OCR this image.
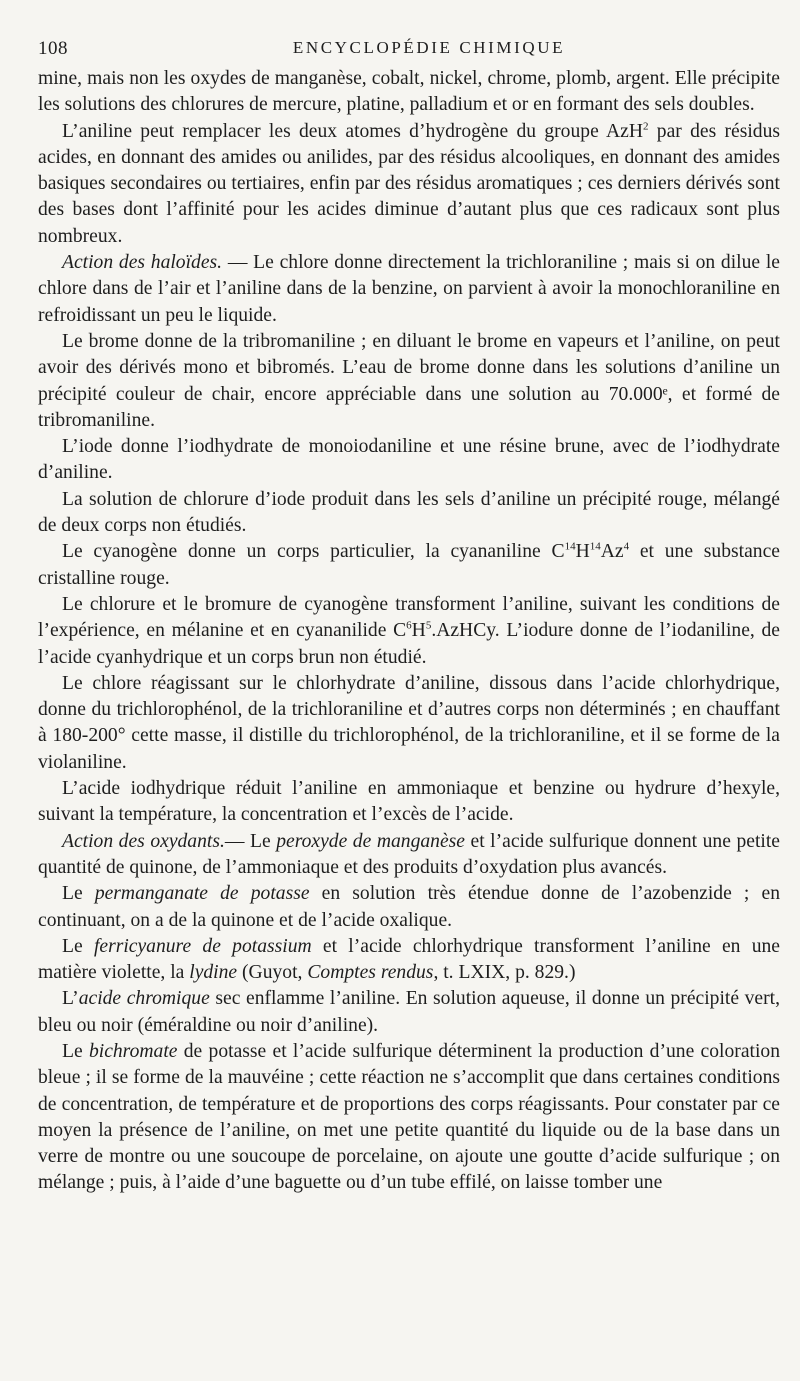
108	ENCYCLOPÉDIE CHIMIQUE

mine, mais non les oxydes de manganèse, cobalt, nickel, chrome, plomb, argent. Elle précipite les solutions des chlorures de mercure, platine, palladium et or en formant des sels doubles.

L’aniline peut remplacer les deux atomes d’hydrogène du groupe AzH$^2$ par des résidus acides, en donnant des amides ou anilides, par des résidus alcooliques, en donnant des amides basiques secondaires ou tertiaires, enfin par des résidus aromatiques ; ces derniers dérivés sont des bases dont l’affinité pour les acides diminue d’autant plus que ces radicaux sont plus nombreux.

Action des haloïdes. — Le chlore donne directement la trichloraniline ; mais si on dilue le chlore dans de l’air et l’aniline dans de la benzine, on parvient à avoir la monochloraniline en refroidissant un peu le liquide.

Le brome donne de la tribromaniline ; en diluant le brome en vapeurs et l’aniline, on peut avoir des dérivés mono et bibromés. L’eau de brome donne dans les solutions d’aniline un précipité couleur de chair, encore appréciable dans une solution au 70.000ᵉ, et formé de tribromaniline.

L’iode donne l’iodhydrate de monoiodaniline et une résine brune, avec de l’iodhydrate d’aniline.

La solution de chlorure d’iode produit dans les sels d’aniline un précipité rouge, mélangé de deux corps non étudiés.

Le cyanogène donne un corps particulier, la cyananiline $C^{14}H^{14}Az^4$ et une substance cristalline rouge.

Le chlorure et le bromure de cyanogène transforment l’aniline, suivant les conditions de l’expérience, en mélanine et en cyananilide $C^6H^5.AzHCy$. L’iodure donne de l’iodaniline, de l’acide cyanhydrique et un corps brun non étudié.

Le chlore réagissant sur le chlorhydrate d’aniline, dissous dans l’acide chlorhydrique, donne du trichlorophénol, de la trichloraniline et d’autres corps non déterminés ; en chauffant à 180-200° cette masse, il distille du trichlorophénol, de la trichloraniline, et il se forme de la violaniline.

L’acide iodhydrique réduit l’aniline en ammoniaque et benzine ou hydrure d’hexyle, suivant la température, la concentration et l’excès de l’acide.

Action des oxydants.— Le peroxyde de manganèse et l’acide sulfurique donnent une petite quantité de quinone, de l’ammoniaque et des produits d’oxydation plus avancés.

Le permanganate de potasse en solution très étendue donne de l’azobenzide ; en continuant, on a de la quinone et de l’acide oxalique.

Le ferricyanure de potassium et l’acide chlorhydrique transforment l’aniline en une matière violette, la lydine (Guyot, Comptes rendus, t. LXIX, p. 829.)

L’acide chromique sec enflamme l’aniline. En solution aqueuse, il donne un précipité vert, bleu ou noir (éméraldine ou noir d’aniline).

Le bichromate de potasse et l’acide sulfurique déterminent la production d’une coloration bleue ; il se forme de la mauvéine ; cette réaction ne s’accomplit que dans certaines conditions de concentration, de température et de proportions des corps réagissants. Pour constater par ce moyen la présence de l’aniline, on met une petite quantité du liquide ou de la base dans un verre de montre ou une soucoupe de porcelaine, on ajoute une goutte d’acide sulfurique ; on mélange ; puis, à l’aide d’une baguette ou d’un tube effilé, on laisse tomber une
